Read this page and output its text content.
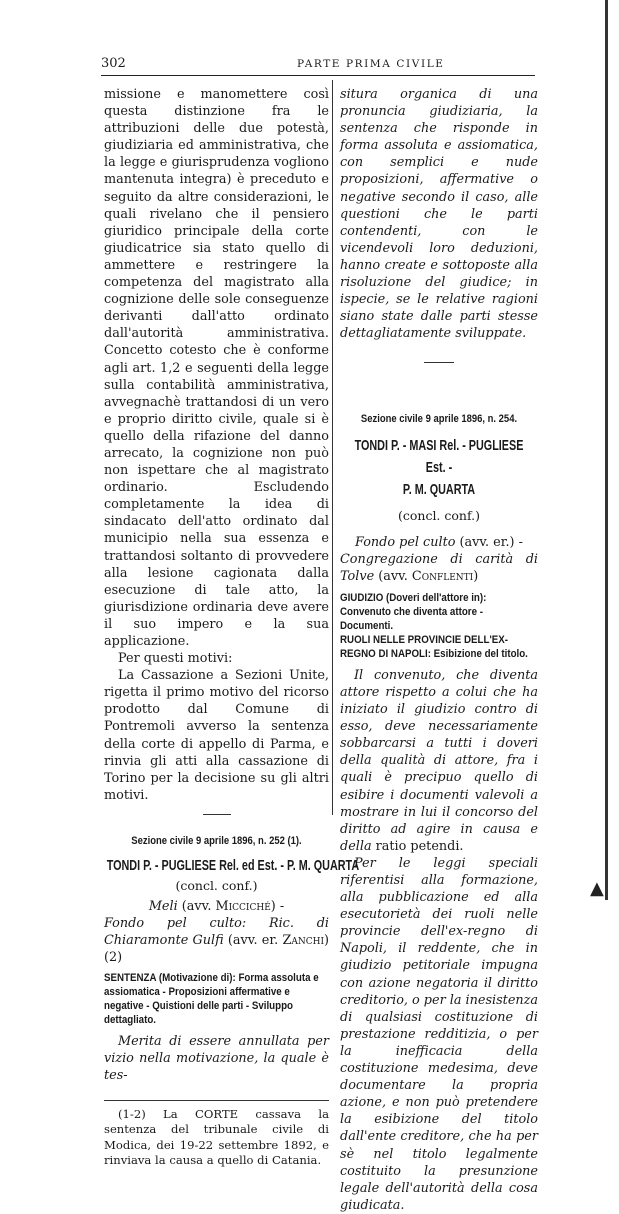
302	PARTE PRIMA CIVILE
▲

missione e manomettere così questa distinzione fra le attribuzioni delle due potestà, giudiziaria ed amministrativa, che la legge e giurisprudenza vogliono mantenuta integra) è preceduto e seguito da altre considerazioni, le quali rivelano che il pensiero giuridico principale della corte giudicatrice sia stato quello di ammettere e restringere la competenza del magistrato alla cognizione delle sole conseguenze derivanti dall'atto ordinato dall'autorità amministrativa. Concetto cotesto che è conforme agli art. 1,2 e seguenti della legge sulla contabilità amministrativa, avvegnachè trattandosi di un vero e proprio diritto civile, quale si è quello della rifazione del danno arrecato, la cognizione non può non ispettare che al magistrato ordinario. Escludendo completamente la idea di sindacato dell'atto ordinato dal municipio nella sua essenza e trattandosi soltanto di provvedere alla lesione cagionata dalla esecuzione di tale atto, la giurisdizione ordinaria deve avere il suo impero e la sua applicazione.

Per questi motivi:

La Cassazione a Sezioni Unite, rigetta il primo motivo del ricorso prodotto dal Comune di Pontremoli avverso la sentenza della corte di appello di Parma, e rinvia gli atti alla cassazione di Torino per la decisione su gli altri motivi.

Sezione civile 9 aprile 1896, n. 252 (1).
TONDI P. - PUGLIESE Rel. ed Est. - P. M. QUARTA
(concl. conf.)

Meli (avv. Micciché) -

Fondo pel culto: Ric. di Chiaramonte Gulfi (avv. er. Zanchi) (2)

SENTENZA (Motivazione di): Forma assoluta e assiomatica - Proposizioni affermative e negative - Quistioni delle parti - Sviluppo dettagliato.

Merita di essere annullata per vizio nella motivazione, la quale è tes-

(1-2) La CORTE cassava la sentenza del tribunale civile di Modica, dei 19-22 settembre 1892, e rinviava la causa a quello di Catania.

situra organica di una pronuncia giudiziaria, la sentenza che risponde in forma assoluta e assiomatica, con semplici e nude proposizioni, affermative o negative secondo il caso, alle questioni che le parti contendenti, con le vicendevoli loro deduzioni, hanno create e sottoposte alla risoluzione del giudice; in ispecie, se le relative ragioni siano state dalle parti stesse dettagliatamente sviluppate.

Sezione civile 9 aprile 1896, n. 254.
TONDI P. - MASI Rel. - PUGLIESE Est. -
P. M. QUARTA
(concl. conf.)

Fondo pel culto (avv. er.) -

Congregazione di carità di Tolve (avv. Conflenti)

GIUDIZIO (Doveri dell'attore in): Convenuto che diventa attore - Documenti.
RUOLI NELLE PROVINCIE DELL'EX-REGNO DI NAPOLI: Esibizione del titolo.

Il convenuto, che diventa attore rispetto a colui che ha iniziato il giudizio contro di esso, deve necessariamente sobbarcarsi a tutti i doveri della qualità di attore, fra i quali è precipuo quello di esibire i documenti valevoli a mostrare in lui il concorso del diritto ad agire in causa e della ratio petendi.

Per le leggi speciali riferentisi alla formazione, alla pubblicazione ed alla esecutorietà dei ruoli nelle provincie dell'ex-regno di Napoli, il reddente, che in giudizio petitoriale impugna con azione negatoria il diritto creditorio, o per la inesistenza di qualsiasi costituzione di prestazione redditizia, o per la inefficacia della costituzione medesima, deve documentare la propria azione, e non può pretendere la esibizione del titolo dall'ente creditore, che ha per sè nel titolo legalmente costituito la presunzione legale dell'autorità della cosa giudicata.
